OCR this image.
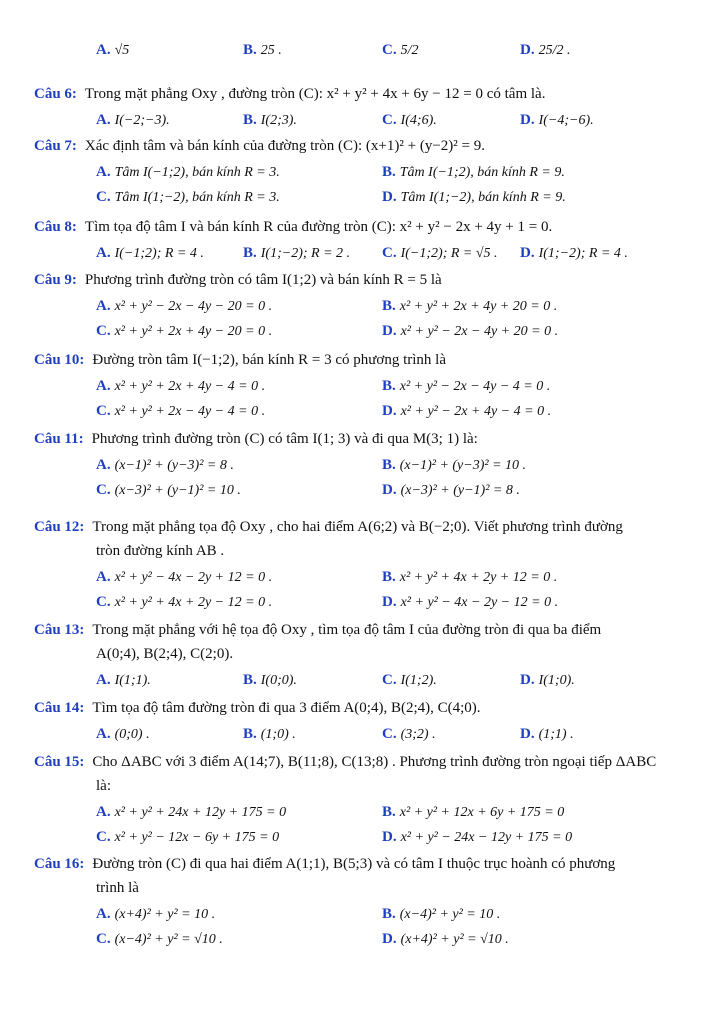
A. √5	B. 25 .	C. 5/2	D. 25/2 .
Câu 6: Trong mặt phẳng Oxy , đường tròn (C): x² + y² + 4x + 6y − 12 = 0 có tâm là.
A. I(−2;−3).	B. I(2;3).	C. I(4;6).	D. I(−4;−6).
Câu 7: Xác định tâm và bán kính của đường tròn (C): (x+1)² + (y−2)² = 9.
A. Tâm I(−1;2), bán kính R = 3.	B. Tâm I(−1;2), bán kính R = 9.
C. Tâm I(1;−2), bán kính R = 3.	D. Tâm I(1;−2), bán kính R = 9.
Câu 8: Tìm tọa độ tâm I và bán kính R của đường tròn (C): x² + y² − 2x + 4y + 1 = 0.
A. I(−1;2); R = 4 .	B. I(1;−2); R = 2 . C. I(−1;2); R = √5 . D. I(1;−2); R = 4 .
Câu 9: Phương trình đường tròn có tâm I(1;2) và bán kính R = 5 là
A. x² + y² − 2x − 4y − 20 = 0 .	B. x² + y² + 2x + 4y + 20 = 0 .
C. x² + y² + 2x + 4y − 20 = 0 .	D. x² + y² − 2x − 4y + 20 = 0 .
Câu 10: Đường tròn tâm I(−1;2), bán kính R = 3 có phương trình là
A. x² + y² + 2x + 4y − 4 = 0 .	B. x² + y² − 2x − 4y − 4 = 0 .
C. x² + y² + 2x − 4y − 4 = 0 .	D. x² + y² − 2x + 4y − 4 = 0 .
Câu 11: Phương trình đường tròn (C) có tâm I(1; 3) và đi qua M(3; 1) là:
A. (x−1)² + (y−3)² = 8 .	B. (x−1)² + (y−3)² = 10 .
C. (x−3)² + (y−1)² = 10 .	D. (x−3)² + (y−1)² = 8 .
Câu 12: Trong mặt phẳng tọa độ Oxy , cho hai điểm A(6;2) và B(−2;0). Viết phương trình đường
tròn đường kính AB .
A. x² + y² − 4x − 2y + 12 = 0 .	B. x² + y² + 4x + 2y + 12 = 0 .
C. x² + y² + 4x + 2y − 12 = 0 .	D. x² + y² − 4x − 2y − 12 = 0 .
Câu 13: Trong mặt phẳng với hệ tọa độ Oxy , tìm tọa độ tâm I của đường tròn đi qua ba điểm
A(0;4), B(2;4), C(2;0).
A. I(1;1).	B. I(0;0).	C. I(1;2).	D. I(1;0).
Câu 14: Tìm tọa độ tâm đường tròn đi qua 3 điểm A(0;4), B(2;4), C(4;0).
A. (0;0) .	B. (1;0) .	C. (3;2) .	D. (1;1) .
Câu 15: Cho ΔABC với 3 điểm A(14;7), B(11;8), C(13;8) . Phương trình đường tròn ngoại tiếp ΔABC
là:
A. x² + y² + 24x + 12y + 175 = 0	B. x² + y² + 12x + 6y + 175 = 0
C. x² + y² − 12x − 6y + 175 = 0	D. x² + y² − 24x − 12y + 175 = 0
Câu 16: Đường tròn (C) đi qua hai điểm A(1;1), B(5;3) và có tâm I thuộc trục hoành có phương
trình là
A. (x+4)² + y² = 10 .	B. (x−4)² + y² = 10 .
C. (x−4)² + y² = √10 .	D. (x+4)² + y² = √10 .
